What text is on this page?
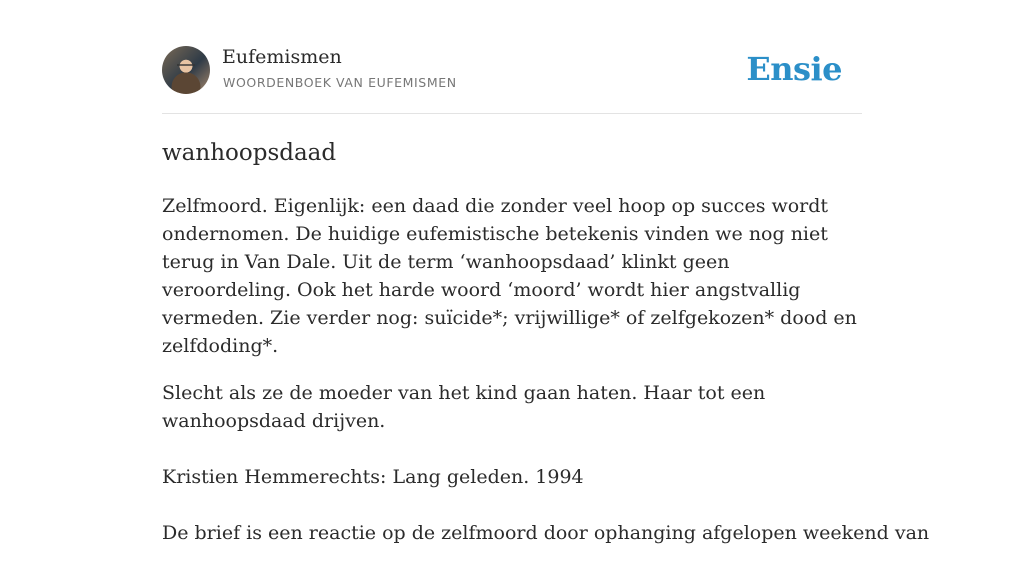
Eufemismen
WOORDENBOEK VAN EUFEMISMEN	Ensie
wanhoopsdaad

Zelfmoord. Eigenlijk: een daad die zonder veel hoop op succes wordt ondernomen. De huidige eufemistische betekenis vinden we nog niet terug in Van Dale. Uit de term ‘wanhoopsdaad’ klinkt geen veroordeling. Ook het harde woord ‘moord’ wordt hier angstvallig vermeden. Zie verder nog: suïcide*; vrijwillige* of zelfgekozen* dood en zelfdoding*.

Slecht als ze de moeder van het kind gaan haten. Haar tot een wanhoopsdaad drijven.

Kristien Hemmerechts: Lang geleden. 1994

De brief is een reactie op de zelfmoord door ophanging afgelopen weekend van
